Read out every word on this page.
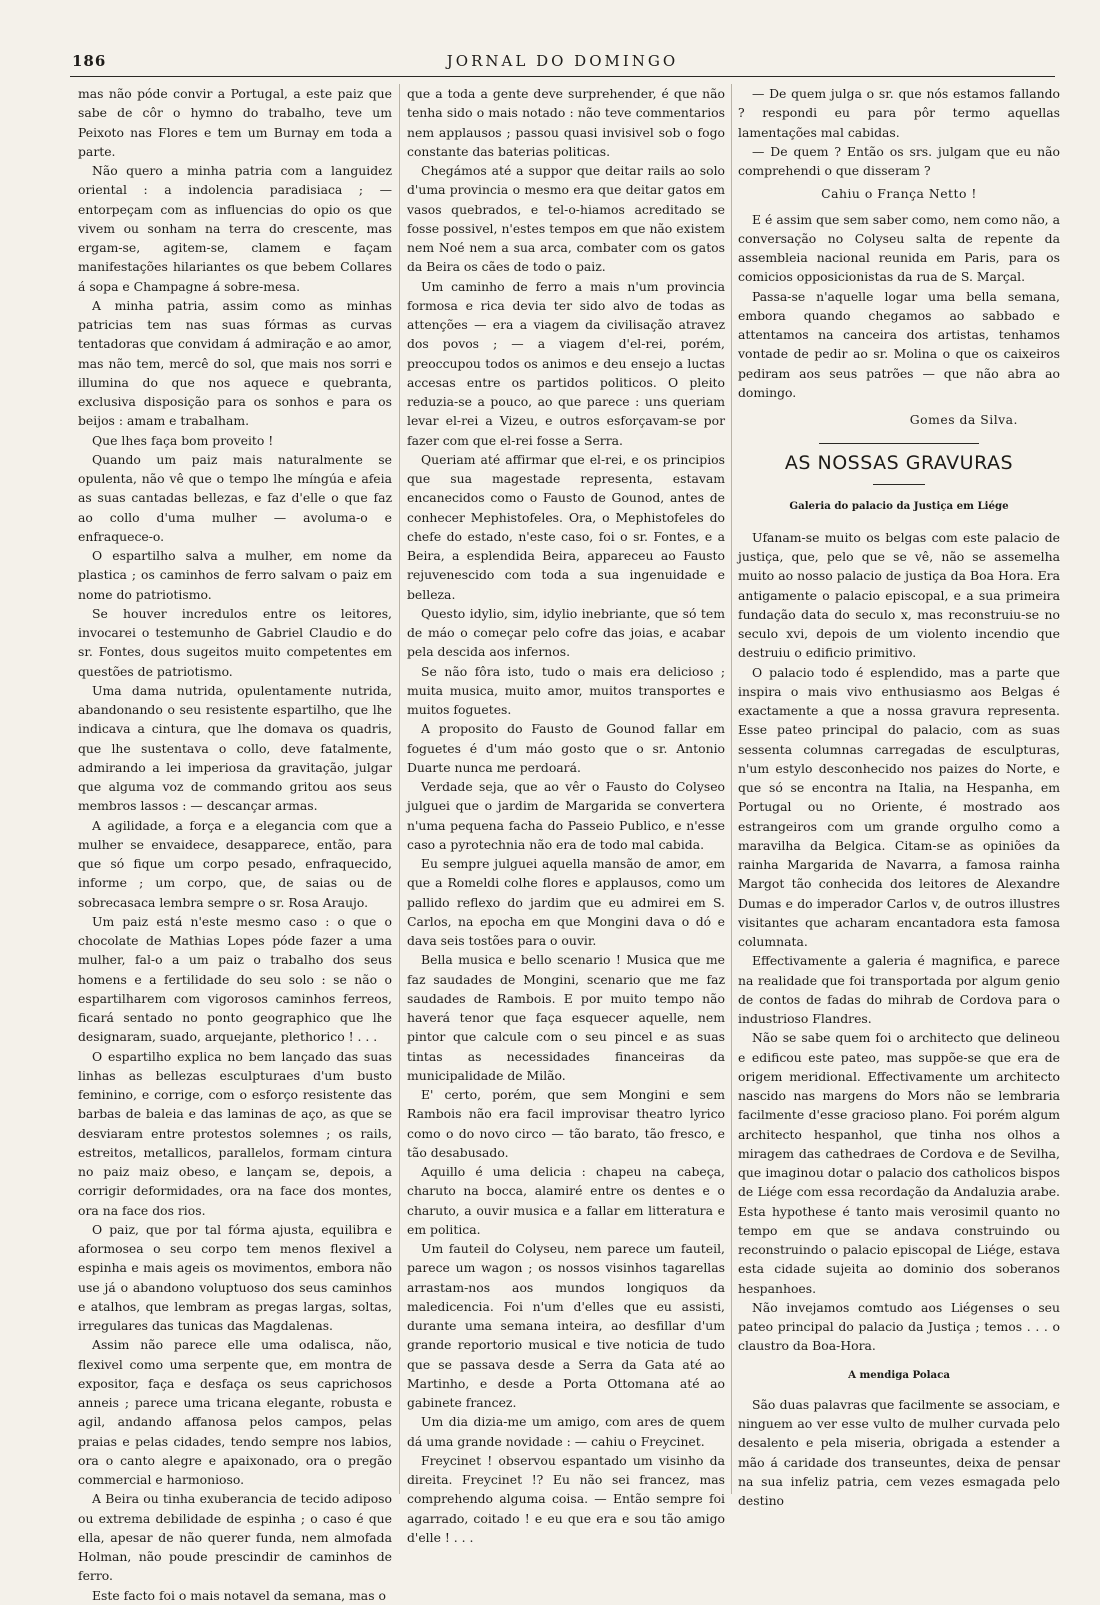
186	JORNAL DO DOMINGO

mas não póde convir a Portugal, a este paiz que sabe de côr o hymno do trabalho, teve um Peixoto nas Flores e tem um Burnay em toda a parte.

Não quero a minha patria com a languidez oriental : a indolencia paradisiaca ; — entorpeçam com as influencias do opio os que vivem ou sonham na terra do crescente, mas ergam-se, agitem-se, clamem e façam manifestações hilariantes os que bebem Collares á sopa e Champagne á sobre-mesa.

A minha patria, assim como as minhas patricias tem nas suas fórmas as curvas tentadoras que convidam á admiração e ao amor, mas não tem, mercê do sol, que mais nos sorri e illumina do que nos aquece e quebranta, exclusiva disposição para os sonhos e para os beijos : amam e trabalham.

Que lhes faça bom proveito !

Quando um paiz mais naturalmente se opulenta, não vê que o tempo lhe míngúa e afeia as suas cantadas bellezas, e faz d'elle o que faz ao collo d'uma mulher — avoluma-o e enfraquece-o.

O espartilho salva a mulher, em nome da plastica ; os caminhos de ferro salvam o paiz em nome do patriotismo.

Se houver incredulos entre os leitores, invocarei o testemunho de Gabriel Claudio e do sr. Fontes, dous sugeitos muito competentes em questões de patriotismo.

Uma dama nutrida, opulentamente nutrida, abandonando o seu resistente espartilho, que lhe indicava a cintura, que lhe domava os quadris, que lhe sustentava o collo, deve fatalmente, admirando a lei imperiosa da gravitação, julgar que alguma voz de commando gritou aos seus membros lassos : — descançar armas.

A agilidade, a força e a elegancia com que a mulher se envaidece, desapparece, então, para que só fique um corpo pesado, enfraquecido, informe ; um corpo, que, de saias ou de sobrecasaca lembra sempre o sr. Rosa Araujo.

Um paiz está n'este mesmo caso : o que o chocolate de Mathias Lopes póde fazer a uma mulher, fal-o a um paiz o trabalho dos seus homens e a fertilidade do seu solo : se não o espartilharem com vigorosos caminhos ferreos, ficará sentado no ponto geographico que lhe designaram, suado, arquejante, plethorico ! . . .

O espartilho explica no bem lançado das suas linhas as bellezas esculpturaes d'um busto feminino, e corrige, com o esforço resistente das barbas de baleia e das laminas de aço, as que se desviaram entre protestos solemnes ; os rails, estreitos, metallicos, parallelos, formam cintura no paiz maiz obeso, e lançam se, depois, a corrigir deformidades, ora na face dos montes, ora na face dos rios.

O paiz, que por tal fórma ajusta, equilibra e aformosea o seu corpo tem menos flexivel a espinha e mais ageis os movimentos, embora não use já o abandono voluptuoso dos seus caminhos e atalhos, que lembram as pregas largas, soltas, irregulares das tunicas das Magdalenas.

Assim não parece elle uma odalisca, não, flexivel como uma serpente que, em montra de expositor, faça e desfaça os seus caprichosos anneis ; parece uma tricana elegante, robusta e agil, andando affanosa pelos campos, pelas praias e pelas cidades, tendo sempre nos labios, ora o canto alegre e apaixonado, ora o pregão commercial e harmonioso.

A Beira ou tinha exuberancia de tecido adiposo ou extrema debilidade de espinha ; o caso é que ella, apesar de não querer funda, nem almofada Holman, não poude prescindir de caminhos de ferro.

Este facto foi o mais notavel da semana, mas o

que a toda a gente deve surprehender, é que não tenha sido o mais notado : não teve commentarios nem applausos ; passou quasi invisivel sob o fogo constante das baterias politicas.

Chegámos até a suppor que deitar rails ao solo d'uma provincia o mesmo era que deitar gatos em vasos quebrados, e tel-o-hiamos acreditado se fosse possivel, n'estes tempos em que não existem nem Noé nem a sua arca, combater com os gatos da Beira os cães de todo o paiz.

Um caminho de ferro a mais n'um provincia formosa e rica devia ter sido alvo de todas as attenções — era a viagem da civilisação atravez dos povos ; — a viagem d'el-rei, porém, preoccupou todos os animos e deu ensejo a luctas accesas entre os partidos politicos. O pleito reduzia-se a pouco, ao que parece : uns queriam levar el-rei a Vizeu, e outros esforçavam-se por fazer com que el-rei fosse a Serra.

Queriam até affirmar que el-rei, e os principios que sua magestade representa, estavam encanecidos como o Fausto de Gounod, antes de conhecer Mephistofeles. Ora, o Mephistofeles do chefe do estado, n'este caso, foi o sr. Fontes, e a Beira, a esplendida Beira, appareceu ao Fausto rejuvenescido com toda a sua ingenuidade e belleza.

Questo idylio, sim, idylio inebriante, que só tem de máo o começar pelo cofre das joias, e acabar pela descida aos infernos.

Se não fôra isto, tudo o mais era delicioso ; muita musica, muito amor, muitos transportes e muitos foguetes.

A proposito do Fausto de Gounod fallar em foguetes é d'um máo gosto que o sr. Antonio Duarte nunca me perdoará.

Verdade seja, que ao vêr o Fausto do Colyseo julguei que o jardim de Margarida se convertera n'uma pequena facha do Passeio Publico, e n'esse caso a pyrotechnia não era de todo mal cabida.

Eu sempre julguei aquella mansão de amor, em que a Romeldi colhe flores e applausos, como um pallido reflexo do jardim que eu admirei em S. Carlos, na epocha em que Mongini dava o dó e dava seis tostões para o ouvir.

Bella musica e bello scenario ! Musica que me faz saudades de Mongini, scenario que me faz saudades de Rambois. E por muito tempo não haverá tenor que faça esquecer aquelle, nem pintor que calcule com o seu pincel e as suas tintas as necessidades financeiras da municipalidade de Milão.

E' certo, porém, que sem Mongini e sem Rambois não era facil improvisar theatro lyrico como o do novo circo — tão barato, tão fresco, e tão desabusado.

Aquillo é uma delicia : chapeu na cabeça, charuto na bocca, alamiré entre os dentes e o charuto, a ouvir musica e a fallar em litteratura e em politica.

Um fauteil do Colyseu, nem parece um fauteil, parece um wagon ; os nossos visinhos tagarellas arrastam-nos aos mundos longiquos da maledicencia. Foi n'um d'elles que eu assisti, durante uma semana inteira, ao desfillar d'um grande reportorio musical e tive noticia de tudo que se passava desde a Serra da Gata até ao Martinho, e desde a Porta Ottomana até ao gabinete francez.

Um dia dizia-me um amigo, com ares de quem dá uma grande novidade : — cahiu o Freycinet.

Freycinet ! observou espantado um visinho da direita. Freycinet !? Eu não sei francez, mas comprehendo alguma coisa. — Então sempre foi agarrado, coitado ! e eu que era e sou tão amigo d'elle ! . . .

— De quem julga o sr. que nós estamos fallando ? respondi eu para pôr termo aquellas lamentações mal cabidas.

— De quem ? Então os srs. julgam que eu não comprehendi o que disseram ?

Cahiu o França Netto !

E é assim que sem saber como, nem como não, a conversação no Colyseu salta de repente da assembleia nacional reunida em Paris, para os comicios opposicionistas da rua de S. Marçal.

Passa-se n'aquelle logar uma bella semana, embora quando chegamos ao sabbado e attentamos na canceira dos artistas, tenhamos vontade de pedir ao sr. Molina o que os caixeiros pediram aos seus patrões — que não abra ao domingo.

Gomes da Silva.
AS NOSSAS GRAVURAS
Galeria do palacio da Justiça em Liége

Ufanam-se muito os belgas com este palacio de justiça, que, pelo que se vê, não se assemelha muito ao nosso palacio de justiça da Boa Hora. Era antigamente o palacio episcopal, e a sua primeira fundação data do seculo x, mas reconstruiu-se no seculo xvi, depois de um violento incendio que destruiu o edificio primitivo.

O palacio todo é esplendido, mas a parte que inspira o mais vivo enthusiasmo aos Belgas é exactamente a que a nossa gravura representa. Esse pateo principal do palacio, com as suas sessenta columnas carregadas de esculpturas, n'um estylo desconhecido nos paizes do Norte, e que só se encontra na Italia, na Hespanha, em Portugal ou no Oriente, é mostrado aos estrangeiros com um grande orgulho como a maravilha da Belgica. Citam-se as opiniões da rainha Margarida de Navarra, a famosa rainha Margot tão conhecida dos leitores de Alexandre Dumas e do imperador Carlos v, de outros illustres visitantes que acharam encantadora esta famosa columnata.

Effectivamente a galeria é magnifica, e parece na realidade que foi transportada por algum genio de contos de fadas do mihrab de Cordova para o industrioso Flandres.

Não se sabe quem foi o architecto que delineou e edificou este pateo, mas suppõe-se que era de origem meridional. Effectivamente um architecto nascido nas margens do Mors não se lembraria facilmente d'esse gracioso plano. Foi porém algum architecto hespanhol, que tinha nos olhos a miragem das cathedraes de Cordova e de Sevilha, que imaginou dotar o palacio dos catholicos bispos de Liége com essa recordação da Andaluzia arabe. Esta hypothese é tanto mais verosimil quanto no tempo em que se andava construindo ou reconstruindo o palacio episcopal de Liége, estava esta cidade sujeita ao dominio dos soberanos hespanhoes.

Não invejamos comtudo aos Liégenses o seu pateo principal do palacio da Justiça ; temos . . . o claustro da Boa-Hora.

A mendiga Polaca

São duas palavras que facilmente se associam, e ninguem ao ver esse vulto de mulher curvada pelo desalento e pela miseria, obrigada a estender a mão á caridade dos transeuntes, deixa de pensar na sua infeliz patria, cem vezes esmagada pelo destino
